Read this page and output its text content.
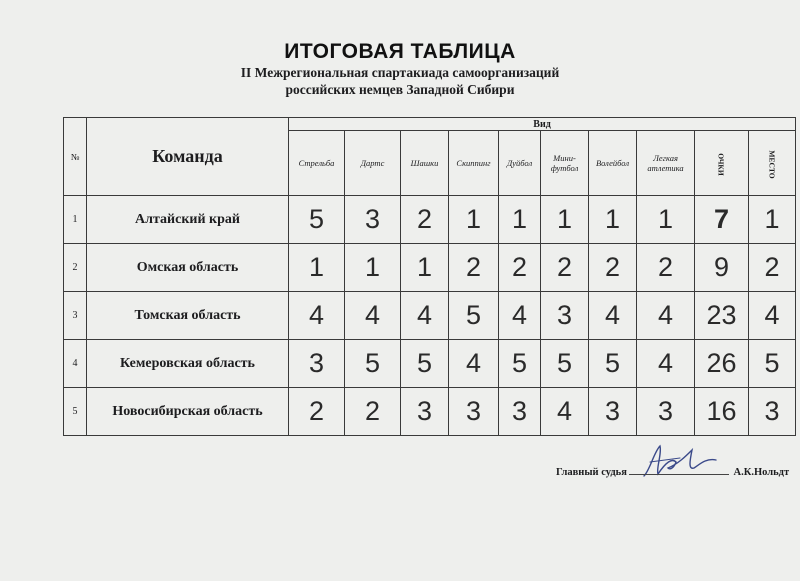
ИТОГОВАЯ ТАБЛИЦА
II Межрегиональная спартакиада самоорганизаций
российских немцев Западной Сибири
№	Команда	Вид									
		Стрельба	Дартс	Шашки	Скиппинг	Дуйбол	Мини-футбол	Волейбол	Легкая атлетика	ОЧКИ	МЕСТО
1	Алтайский край	5	3	2	1	1	1	1	1	7	1
2	Омская область	1	1	1	2	2	2	2	2	9	2
3	Томская область	4	4	4	5	4	3	4	4	23	4
4	Кемеровская область	3	5	5	4	5	5	5	4	26	5
5	Новосибирская область	2	2	3	3	3	4	3	3	16	3
Главный судья	А.К.Нольдт
